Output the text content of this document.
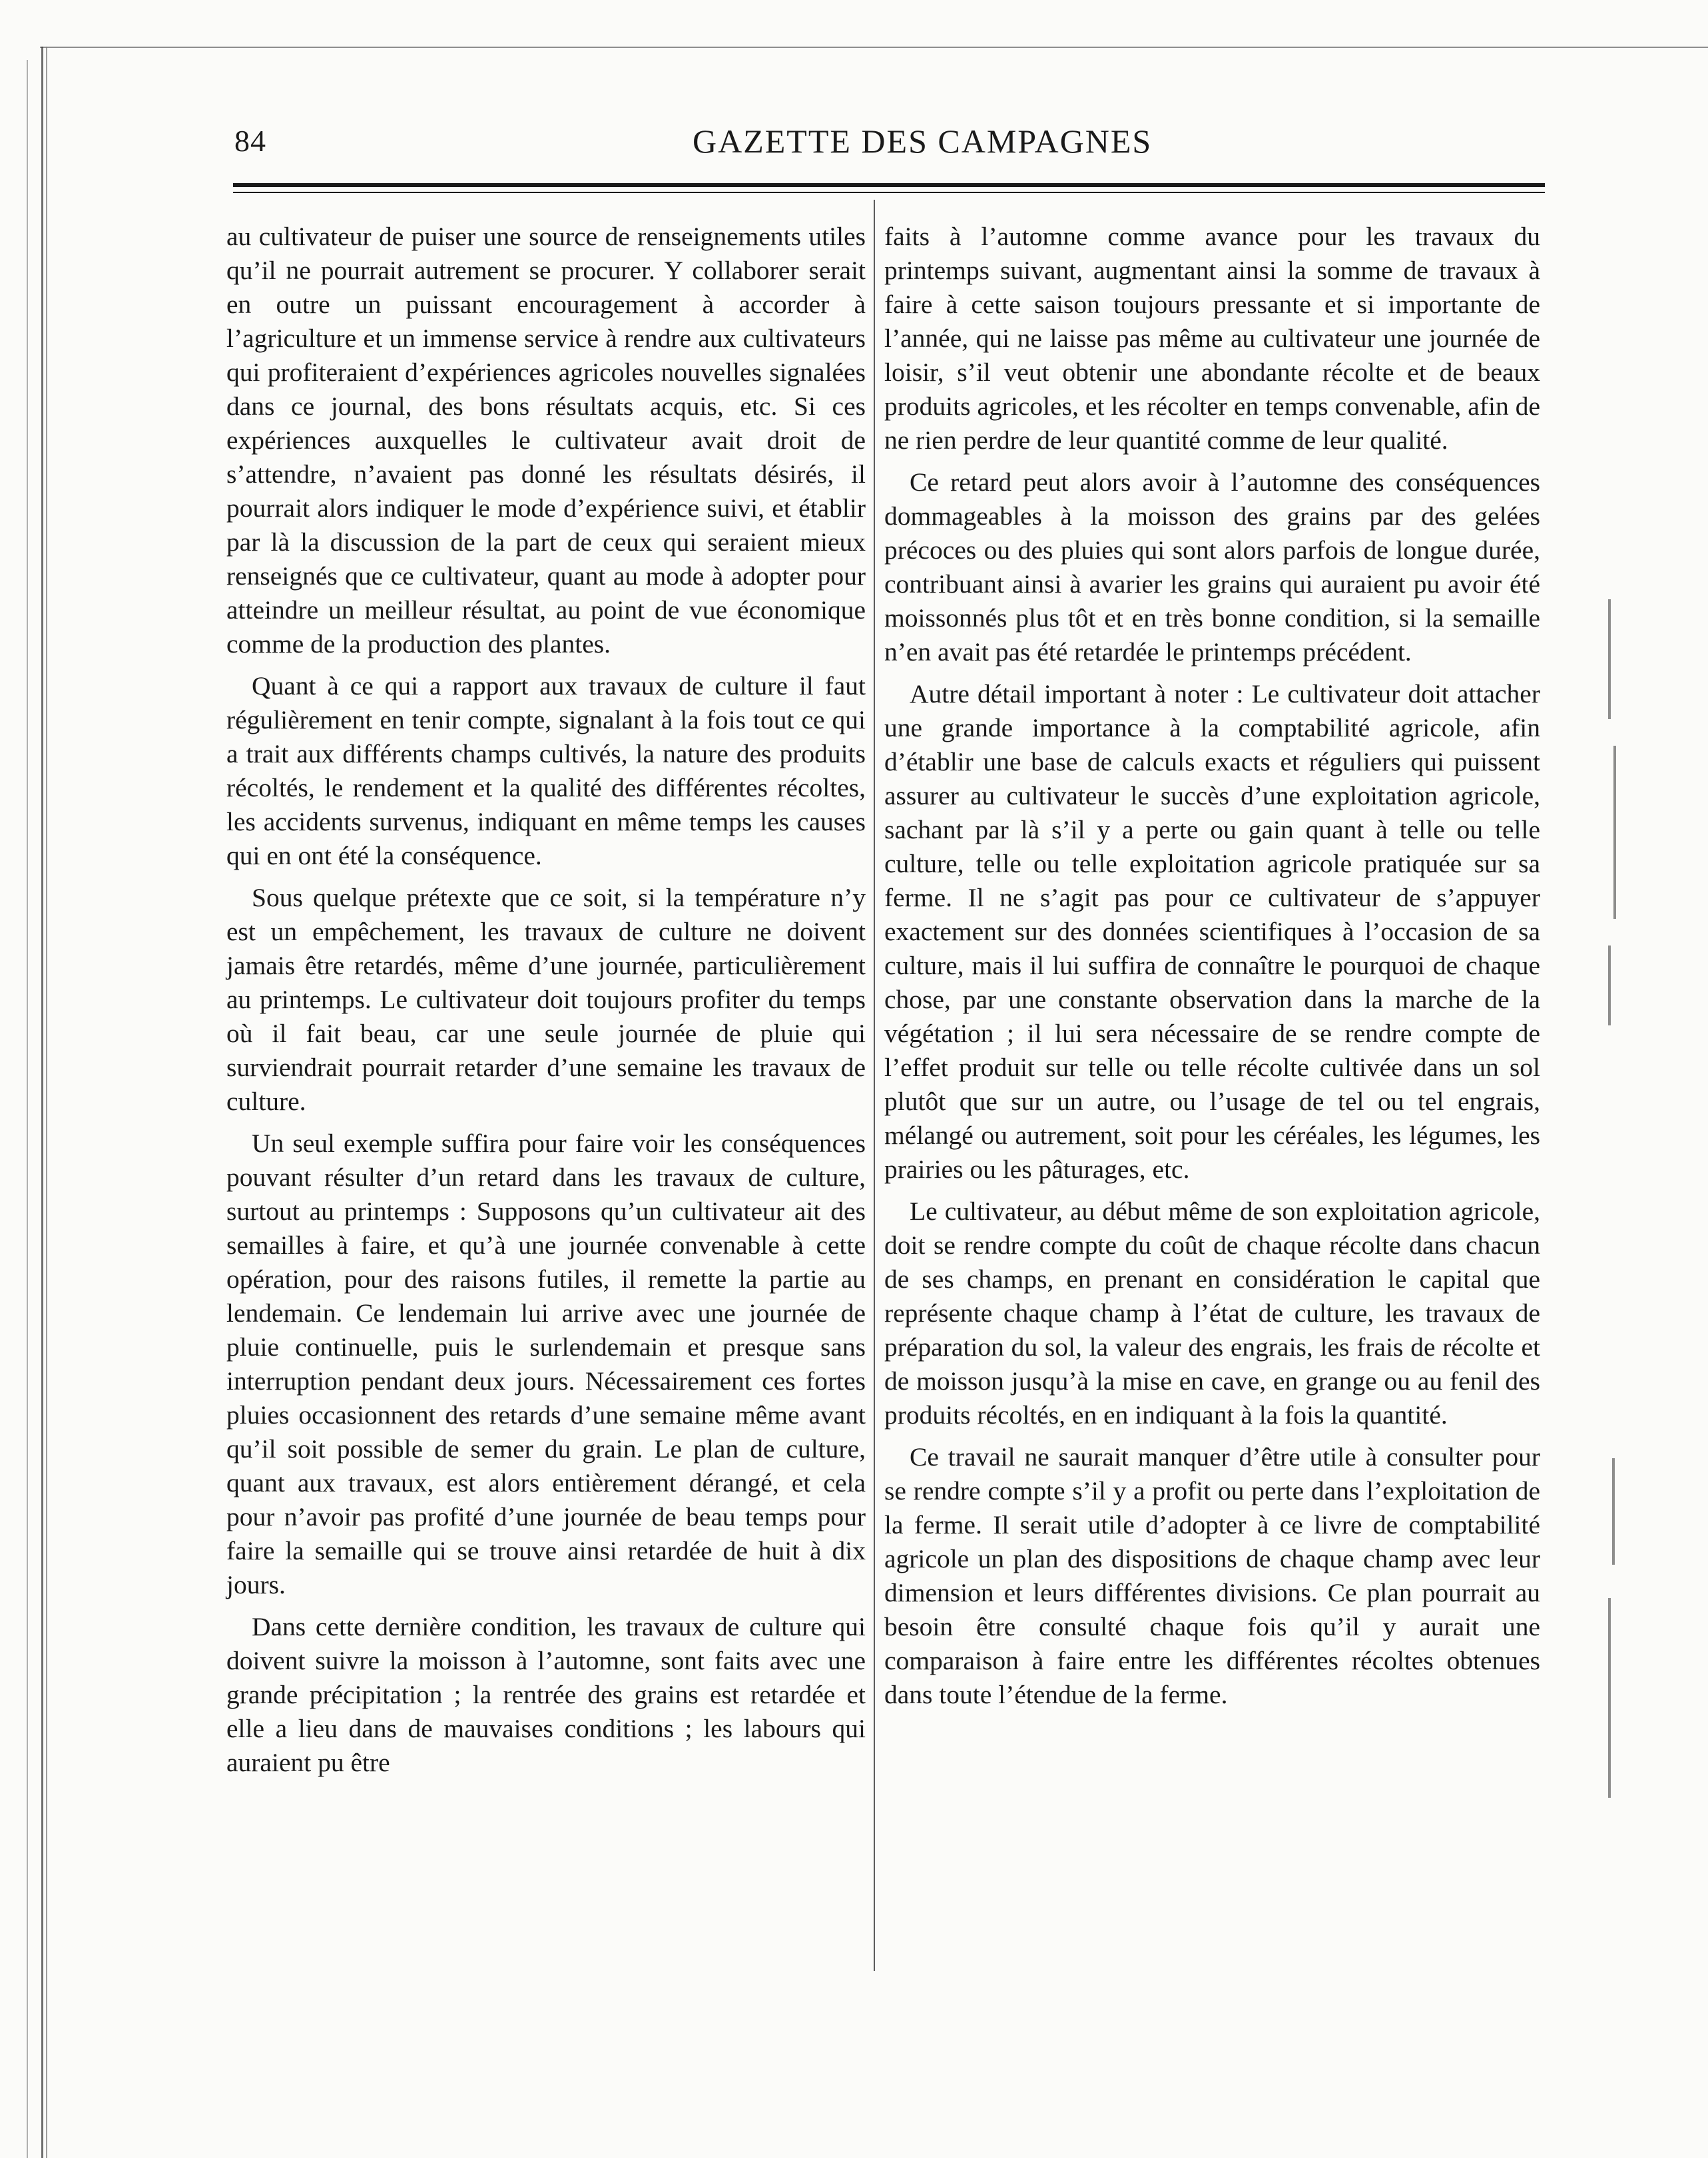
84	GAZETTE DES CAMPAGNES

au cultivateur de puiser une source de renseignements utiles qu’il ne pourrait autrement se procurer. Y collaborer serait en outre un puissant encouragement à accorder à l’agriculture et un immense service à rendre aux cultivateurs qui profiteraient d’expériences agricoles nouvelles signalées dans ce journal, des bons résultats acquis, etc. Si ces expériences auxquelles le cultivateur avait droit de s’attendre, n’avaient pas donné les résultats désirés, il pourrait alors indiquer le mode d’expérience suivi, et établir par là la discussion de la part de ceux qui seraient mieux renseignés que ce cultivateur, quant au mode à adopter pour atteindre un meilleur résultat, au point de vue économique comme de la production des plantes.

Quant à ce qui a rapport aux travaux de culture il faut régulièrement en tenir compte, signalant à la fois tout ce qui a trait aux différents champs cultivés, la nature des produits récoltés, le rendement et la qualité des différentes récoltes, les accidents survenus, indiquant en même temps les causes qui en ont été la conséquence.

Sous quelque prétexte que ce soit, si la température n’y est un empêchement, les travaux de culture ne doivent jamais être retardés, même d’une journée, particulièrement au printemps. Le cultivateur doit toujours profiter du temps où il fait beau, car une seule journée de pluie qui surviendrait pourrait retarder d’une semaine les travaux de culture.

Un seul exemple suffira pour faire voir les conséquences pouvant résulter d’un retard dans les travaux de culture, surtout au printemps : Supposons qu’un cultivateur ait des semailles à faire, et qu’à une journée convenable à cette opération, pour des raisons futiles, il remette la partie au lendemain. Ce lendemain lui arrive avec une journée de pluie continuelle, puis le surlendemain et presque sans interruption pendant deux jours. Nécessairement ces fortes pluies occasionnent des retards d’une semaine même avant qu’il soit possible de semer du grain. Le plan de culture, quant aux travaux, est alors entièrement dérangé, et cela pour n’avoir pas profité d’une journée de beau temps pour faire la semaille qui se trouve ainsi retardée de huit à dix jours.

Dans cette dernière condition, les travaux de culture qui doivent suivre la moisson à l’automne, sont faits avec une grande précipitation ; la rentrée des grains est retardée et elle a lieu dans de mauvaises conditions ; les labours qui auraient pu être

faits à l’automne comme avance pour les travaux du printemps suivant, augmentant ainsi la somme de travaux à faire à cette saison toujours pressante et si importante de l’année, qui ne laisse pas même au cultivateur une journée de loisir, s’il veut obtenir une abondante récolte et de beaux produits agricoles, et les récolter en temps convenable, afin de ne rien perdre de leur quantité comme de leur qualité.

Ce retard peut alors avoir à l’automne des conséquences dommageables à la moisson des grains par des gelées précoces ou des pluies qui sont alors parfois de longue durée, contribuant ainsi à avarier les grains qui auraient pu avoir été moissonnés plus tôt et en très bonne condition, si la semaille n’en avait pas été retardée le printemps précédent.

Autre détail important à noter : Le cultivateur doit attacher une grande importance à la comptabilité agricole, afin d’établir une base de calculs exacts et réguliers qui puissent assurer au cultivateur le succès d’une exploitation agricole, sachant par là s’il y a perte ou gain quant à telle ou telle culture, telle ou telle exploitation agricole pratiquée sur sa ferme. Il ne s’agit pas pour ce cultivateur de s’appuyer exactement sur des données scientifiques à l’occasion de sa culture, mais il lui suffira de connaître le pourquoi de chaque chose, par une constante observation dans la marche de la végétation ; il lui sera nécessaire de se rendre compte de l’effet produit sur telle ou telle récolte cultivée dans un sol plutôt que sur un autre, ou l’usage de tel ou tel engrais, mélangé ou autrement, soit pour les céréales, les légumes, les prairies ou les pâturages, etc.

Le cultivateur, au début même de son exploitation agricole, doit se rendre compte du coût de chaque récolte dans chacun de ses champs, en prenant en considération le capital que représente chaque champ à l’état de culture, les travaux de préparation du sol, la valeur des engrais, les frais de récolte et de moisson jusqu’à la mise en cave, en grange ou au fenil des produits récoltés, en en indiquant à la fois la quantité.

Ce travail ne saurait manquer d’être utile à consulter pour se rendre compte s’il y a profit ou perte dans l’exploitation de la ferme. Il serait utile d’adopter à ce livre de comptabilité agricole un plan des dispositions de chaque champ avec leur dimension et leurs différentes divisions. Ce plan pourrait au besoin être consulté chaque fois qu’il y aurait une comparaison à faire entre les différentes récoltes obtenues dans toute l’étendue de la ferme.
